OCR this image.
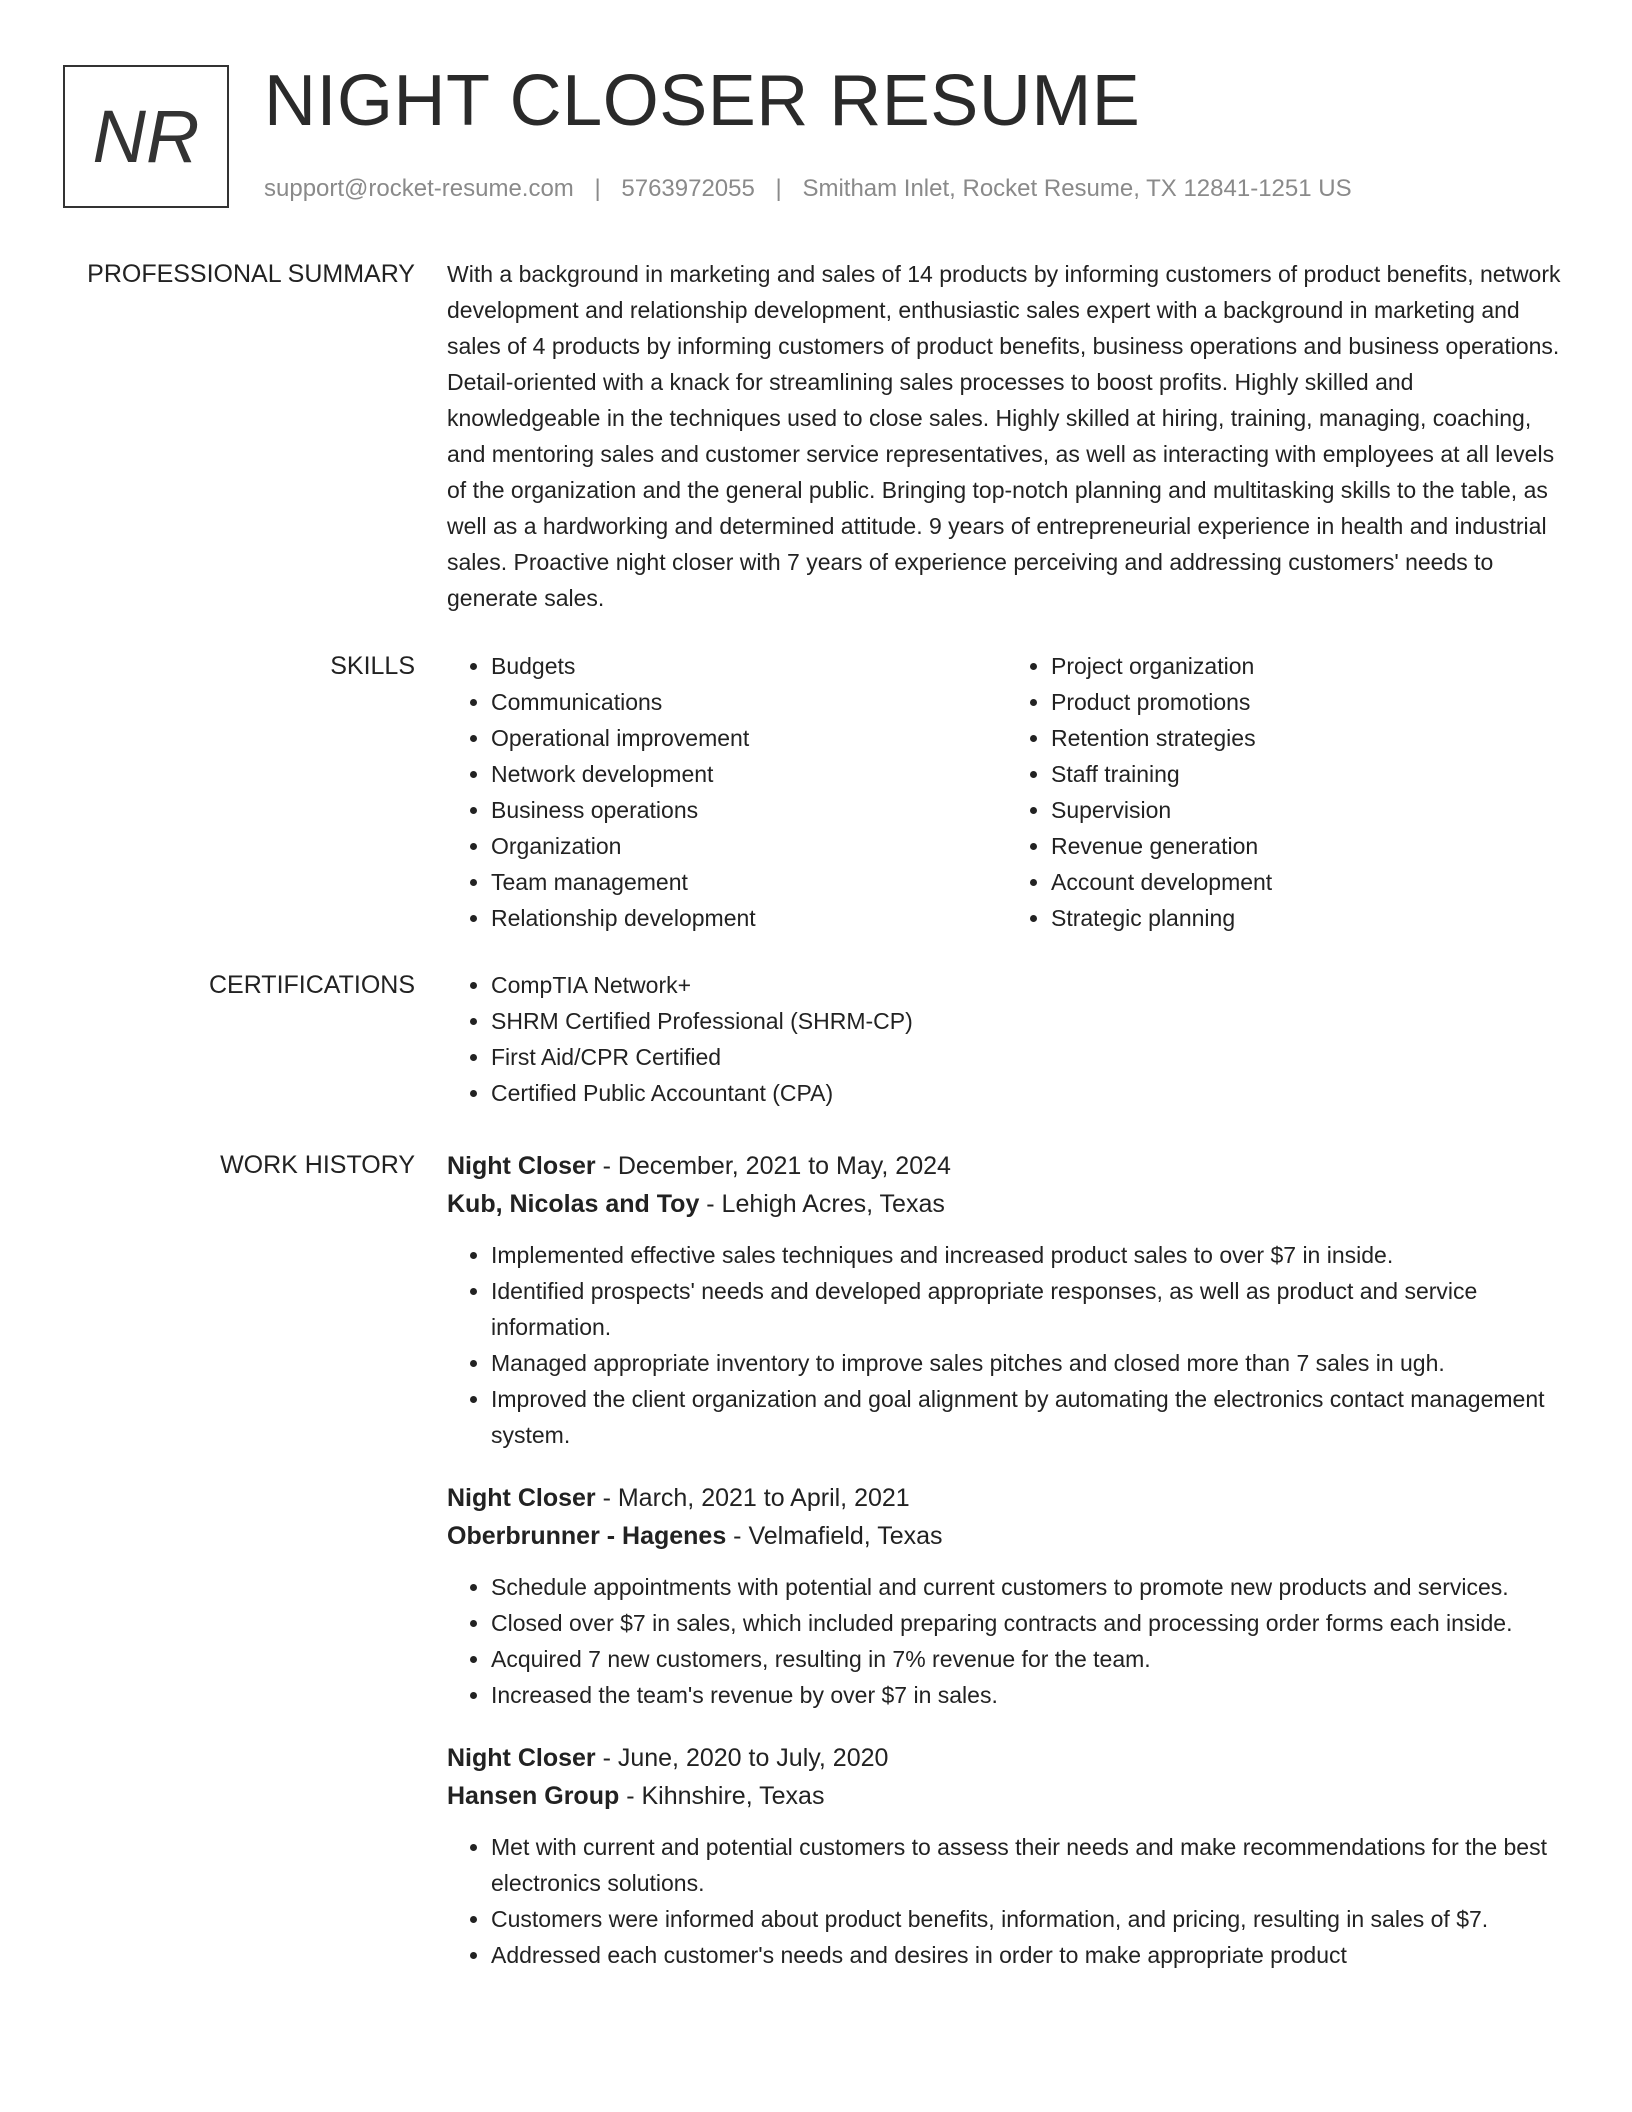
NR NIGHT CLOSER RESUME
support@rocket-resume.com | 5763972055 | Smitham Inlet, Rocket Resume, TX 12841-1251 US
PROFESSIONAL SUMMARY With a background in marketing and sales of 14 products by informing customers of product benefits, network development and relationship development, enthusiastic sales expert with a background in marketing and sales of 4 products by informing customers of product benefits, business operations and business operations. Detail-oriented with a knack for streamlining sales processes to boost profits. Highly skilled and knowledgeable in the techniques used to close sales. Highly skilled at hiring, training, managing, coaching, and mentoring sales and customer service representatives, as well as interacting with employees at all levels of the organization and the general public. Bringing top-notch planning and multitasking skills to the table, as well as a hardworking and determined attitude. 9 years of entrepreneurial experience in health and industrial sales. Proactive night closer with 7 years of experience perceiving and addressing customers' needs to generate sales.

SKILLS	• Budgets
• Communications
• Operational improvement
• Network development
• Business operations
• Organization
• Team management
• Relationship development
• Project organization
• Product promotions
• Retention strategies
• Staff training
• Supervision
• Revenue generation
• Account development
• Strategic planning
CERTIFICATIONS	• CompTIA Network+
• SHRM Certified Professional (SHRM-CP)
• First Aid/CPR Certified
• Certified Public Accountant (CPA)
WORK HISTORY Night Closer - December, 2021 to May, 2024
Kub, Nicolas and Toy - Lehigh Acres, Texas
• Implemented effective sales techniques and increased product sales to over $7 in inside.
• Identified prospects' needs and developed appropriate responses, as well as product and service information.
• Managed appropriate inventory to improve sales pitches and closed more than 7 sales in ugh.
• Improved the client organization and goal alignment by automating the electronics contact management system.
Night Closer - March, 2021 to April, 2021
Oberbrunner - Hagenes - Velmafield, Texas
• Schedule appointments with potential and current customers to promote new products and services.
• Closed over $7 in sales, which included preparing contracts and processing order forms each inside.
• Acquired 7 new customers, resulting in 7% revenue for the team.
• Increased the team's revenue by over $7 in sales.
Night Closer - June, 2020 to July, 2020
Hansen Group - Kihnshire, Texas
• Met with current and potential customers to assess their needs and make recommendations for the best electronics solutions.
• Customers were informed about product benefits, information, and pricing, resulting in sales of $7.
• Addressed each customer's needs and desires in order to make appropriate product
